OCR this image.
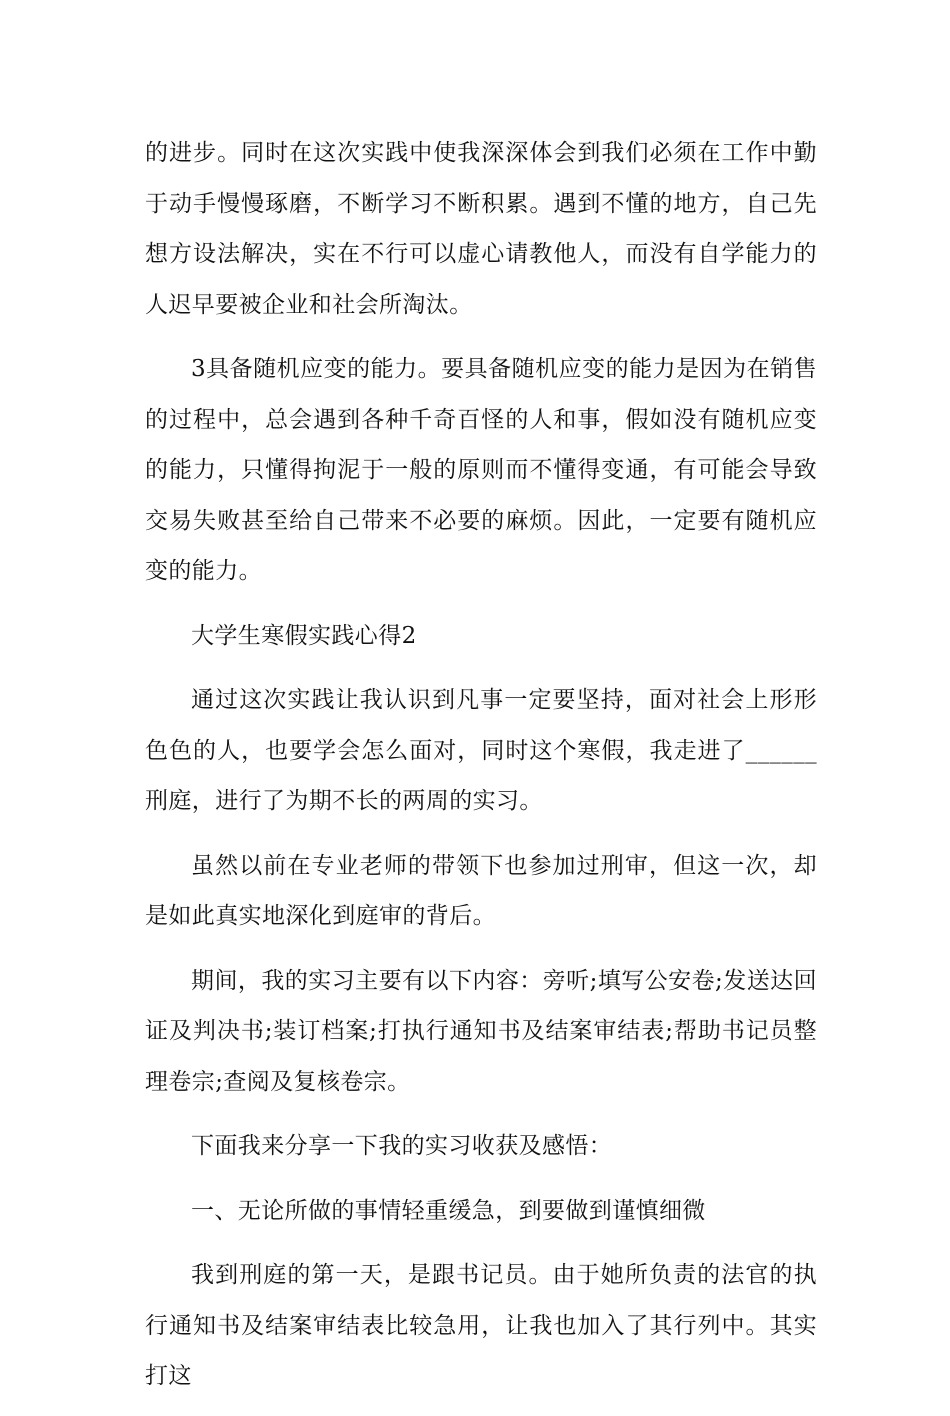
的进步。同时在这次实践中使我深深体会到我们必须在工作中勤于动手慢慢琢磨，不断学习不断积累。遇到不懂的地方，自己先想方设法解决，实在不行可以虚心请教他人，而没有自学能力的人迟早要被企业和社会所淘汰。

3具备随机应变的能力。要具备随机应变的能力是因为在销售的过程中，总会遇到各种千奇百怪的人和事，假如没有随机应变的能力，只懂得拘泥于一般的原则而不懂得变通，有可能会导致交易失败甚至给自己带来不必要的麻烦。因此，一定要有随机应变的能力。

大学生寒假实践心得2

通过这次实践让我认识到凡事一定要坚持，面对社会上形形色色的人，也要学会怎么面对，同时这个寒假，我走进了______刑庭，进行了为期不长的两周的实习。

虽然以前在专业老师的带领下也参加过刑审，但这一次，却是如此真实地深化到庭审的背后。

期间，我的实习主要有以下内容：旁听;填写公安卷;发送达回证及判决书;装订档案;打执行通知书及结案审结表;帮助书记员整理卷宗;查阅及复核卷宗。

下面我来分享一下我的实习收获及感悟：

一、无论所做的事情轻重缓急，到要做到谨慎细微

我到刑庭的第一天，是跟书记员。由于她所负责的法官的执行通知书及结案审结表比较急用，让我也加入了其行列中。其实打这
